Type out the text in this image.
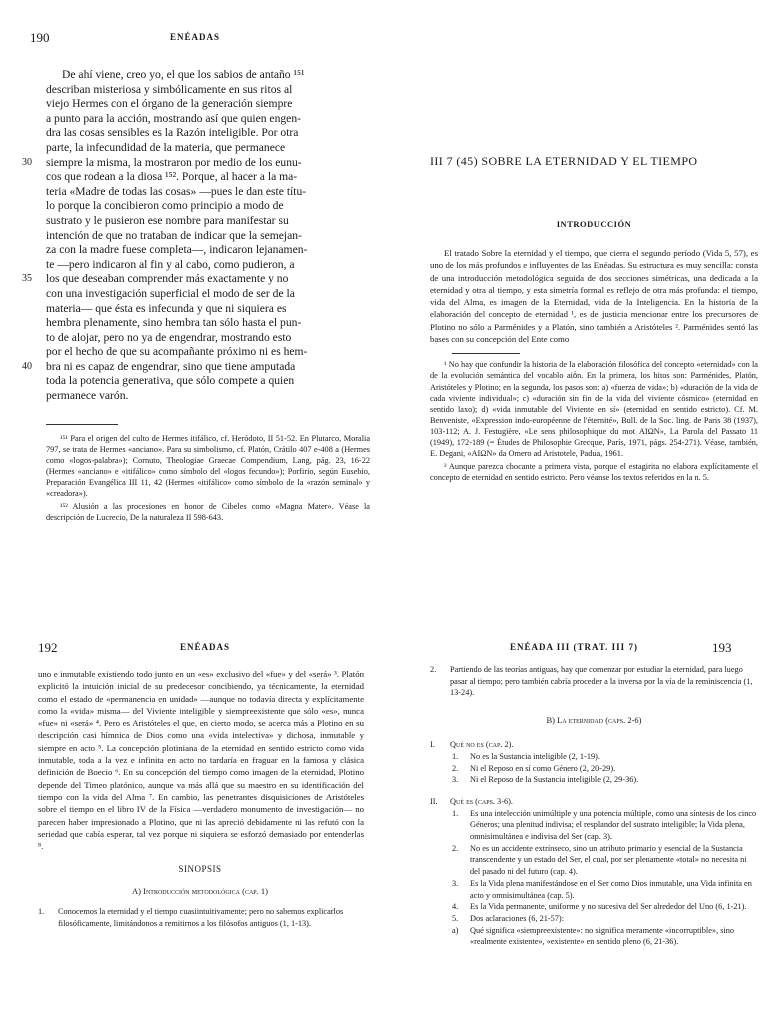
190	ENÉADAS
De ahí viene, creo yo, el que los sabios de antaño ¹⁵¹
describan misteriosa y simbólicamente en sus ritos al
viejo Hermes con el órgano de la generación siempre
a punto para la acción, mostrando así que quien engen-
dra las cosas sensibles es la Razón inteligible. Por otra
parte, la infecundidad de la materia, que permanece
30 siempre la misma, la mostraron por medio de los eunu-
cos que rodean a la diosa ¹⁵². Porque, al hacer a la ma-
teria «Madre de todas las cosas» —pues le dan este títu-
lo porque la concibieron como principio a modo de
sustrato y le pusieron ese nombre para manifestar su
intención de que no trataban de indicar que la semejan-
za con la madre fuese completa—, indicaron lejanamen-
te —pero indicaron al fin y al cabo, como pudieron, a
35 los que deseaban comprender más exactamente y no
con una investigación superficial el modo de ser de la
materia— que ésta es infecunda y que ni siquiera es
hembra plenamente, sino hembra tan sólo hasta el pun-
to de alojar, pero no ya de engendrar, mostrando esto
por el hecho de que su acompañante próximo ni es hem-
40 bra ni es capaz de engendrar, sino que tiene amputada
toda la potencia generativa, que sólo compete a quien
permanece varón.
¹⁵¹ Para el origen del culto de Hermes itifálico, cf. Heródoto, II 51-52. En Plutarco, Moralia 797, se trata de Hermes «anciano». Para su simbolismo, cf. Platón, Crátilo 407 e-408 a (Hermes como «logos-palabra»); Cornuto, Theologiae Graecae Compendium, Lang, pág. 23, 16-22 (Hermes «anciano» e «itifálico» como símbolo del «logos fecundo»); Porfirio, según Eusebio, Preparación Evangélica III 11, 42 (Hermes «itifálico» como símbolo de la «razón seminal» y «creadora»).
¹⁵² Alusión a las procesiones en honor de Cibeles como «Magna Mater». Véase la descripción de Lucrecio, De la naturaleza II 598-643.
III 7 (45) SOBRE LA ETERNIDAD Y EL TIEMPO
INTRODUCCIÓN
El tratado Sobre la eternidad y el tiempo, que cierra el segundo período (Vida 5, 57), es uno de los más profundos e influyentes de las Enéadas. Su estructura es muy sencilla: consta de una introducción metodológica seguida de dos secciones simétricas, una dedicada a la eternidad y otra al tiempo, y esta simetría formal es reflejo de otra más profunda: el tiempo, vida del Alma, es imagen de la Eternidad, vida de la Inteligencia. En la historia de la elaboración del concepto de eternidad ¹, es de justicia mencionar entre los precursores de Plotino no sólo a Parménides y a Platón, sino también a Aristóteles ². Parménides sentó las bases con su concepción del Ente como
¹ No hay que confundir la historia de la elaboración filosófica del concepto «eternidad» con la de la evolución semántica del vocablo aiṓn. En la primera, los hitos son: Parménides, Platón, Aristóteles y Plotino; en la segunda, los pasos son: a) «fuerza de vida»; b) «duración de la vida de cada viviente individual»; c) «duración sin fin de la vida del viviente cósmico» (eternidad en sentido laxo); d) «vida inmutable del Viviente en sí» (eternidad en sentido estricto). Cf. M. Benveniste, «Expression indo-européenne de l'éternité», Bull. de la Soc. ling. de Paris 38 (1937), 103-112; A. J. Festugière, «Le sens philosophique du mot ΑΙΩΝ», La Parola del Passato 11 (1949), 172-189 (= Études de Philosophie Grecque, París, 1971, págs. 254-271). Véase, también, E. Degani, «ΑΙΩΝ» da Omero ad Aristotele, Padua, 1961.
² Aunque parezca chocante a primera vista, porque el estagirita no elabora explícitamente el concepto de eternidad en sentido estricto. Pero véanse los textos referidos en la n. 5.
192	ENÉADAS
uno e inmutable existiendo todo junto en un «es» exclusivo del «fue» y del «será» ³. Platón explicitó la intuición inicial de su predecesor concibiendo, ya técnicamente, la eternidad como el estado de «permanencia en unidad» —aunque no todavía directa y explícitamente como la «vida» misma— del Viviente inteligible y siempreexistente que sólo «es», nunca «fue» ni «será» ⁴. Pero es Aristóteles el que, en cierto modo, se acerca más a Plotino en su descripción casi hímnica de Dios como una «vida intelectiva» y dichosa, inmutable y siempre en acto ⁵. La concepción plotiniana de la eternidad en sentido estricto como vida inmutable, toda a la vez e infinita en acto no tardaría en fraguar en la famosa y clásica definición de Boecio ⁶. En su concepción del tiempo como imagen de la eternidad, Plotino depende del Timeo platónico, aunque va más allá que su maestro en su identificación del tiempo con la vida del Alma ⁷. En cambio, las penetrantes disquisiciones de Aristóteles sobre el tiempo en el libro IV de la Física —verdadero monumento de investigación— no parecen haber impresionado a Plotino, que ni las apreció debidamente ni las refutó con la seriedad que cabía esperar, tal vez porque ni siquiera se esforzó demasiado por entenderlas ⁸.
SINOPSIS
A) Introducción metodológica (cap. 1)
1. Conocemos la eternidad y el tiempo cuasiintuitivamente; pero no sabemos explicarlos filosóficamente, limitándonos a remitirnos a los filósofos antiguos (1, 1-13).
ENÉADA III (TRAT. III 7)	193
2. Partiendo de las teorías antiguas, hay que comenzar por estudiar la eternidad, para luego pasar al tiempo; pero también cabría proceder a la inversa por la vía de la reminiscencia (1, 13-24).
B) La eternidad (caps. 2-6)
I. Qué no es (cap. 2).
1. No es la Sustancia inteligible (2, 1-19).
2. Ni el Reposo en sí como Género (2, 20-29).
3. Ni el Reposo de la Sustancia inteligible (2, 29-36).
II. Qué es (caps. 3-6).
1. Es una intelección unimúltiple y una potencia múltiple, como una síntesis de los cinco Géneros; una plenitud indivisa; el resplandor del sustrato inteligible; la Vida plena, omnisimultánea e indivisa del Ser (cap. 3).
2. No es un accidente extrínseco, sino un atributo primario y esencial de la Sustancia transcendente y un estado del Ser, el cual, por ser plenamente «total» no necesita ni del pasado ni del futuro (cap. 4).
3. Es la Vida plena manifestándose en el Ser como Dios inmutable, una Vida infinita en acto y omnisimultánea (cap. 5).
4. Es la Vida permanente, uniforme y no sucesiva del Ser alrededor del Uno (6, 1-21).
5. Dos aclaraciones (6, 21-57):
a) Qué significa «siempreexistente»: no significa meramente «incorruptible», sino «realmente existente», «existente» en sentido pleno (6, 21-36).
